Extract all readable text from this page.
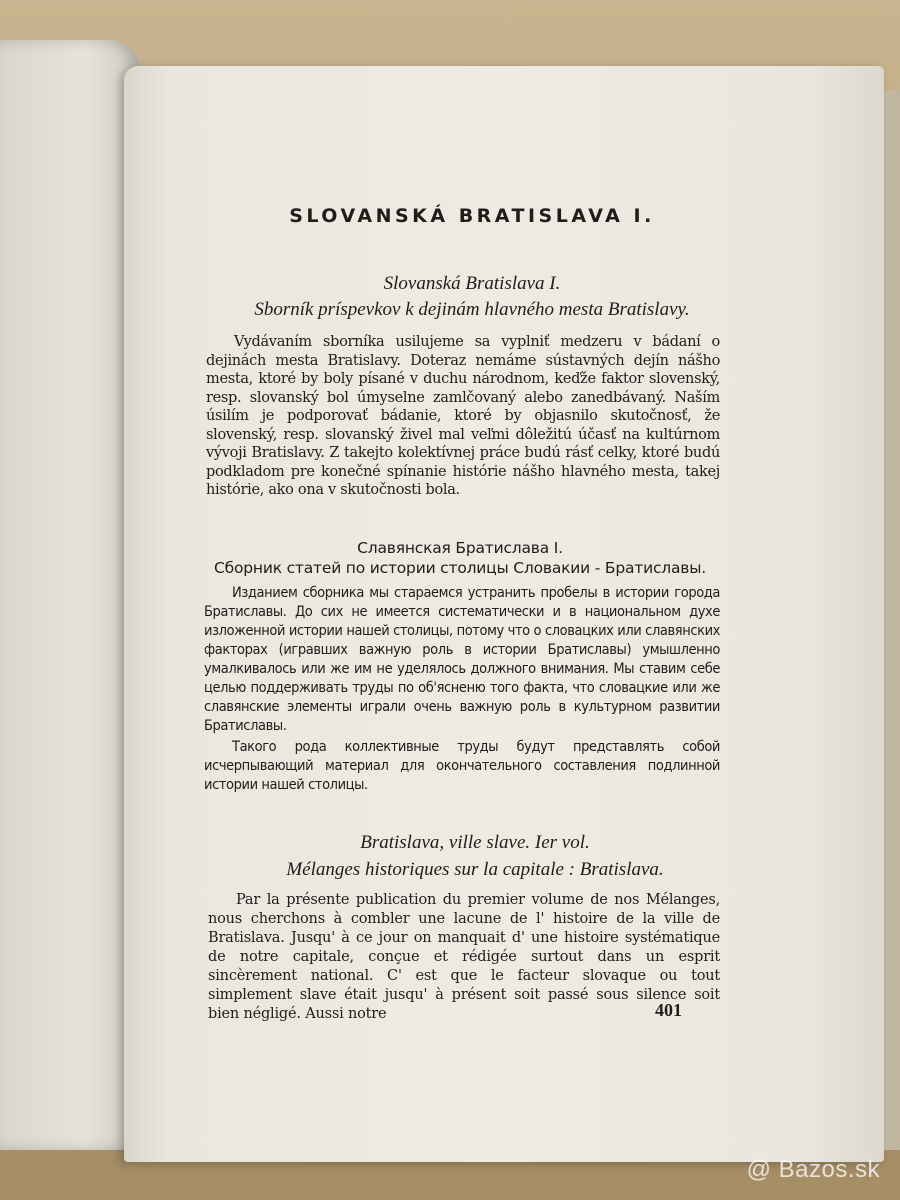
SLOVANSKÁ BRATISLAVA I.
Slovanská Bratislava I.
Sborník príspevkov k dejinám hlavného mesta Bratislavy.

Vydávaním sborníka usilujeme sa vyplniť medzeru v bádaní o dejinách mesta Bratislavy. Doteraz nemáme sústavných dejín nášho mesta, ktoré by boly písané v duchu národnom, keďže faktor slovenský, resp. slovanský bol úmyselne zamlčovaný alebo zanedbávaný. Naším úsilím je podporovať bádanie, ktoré by objasnilo skutočnosť, že slovenský, resp. slovanský živel mal veľmi dôležitú účasť na kultúrnom vývoji Bratislavy. Z takejto kolektívnej práce budú rásť celky, ktoré budú podkladom pre konečné spínanie histórie nášho hlavného mesta, takej histórie, ako ona v skutočnosti bola.

Славянская Братислава I.
Сборник статей по истории столицы Словакии - Братиславы.

Изданием сборника мы стараемся устранить пробелы в истории города Братиславы. До сих не имеется систематически и в национальном духе изложенной истории нашей столицы, потому что о словацких или славянских факторах (игравших важную роль в истории Братиславы) умышленно умалкивалось или же им не уделялось должного внимания. Мы ставим себе целью поддерживать труды по об'ясненю того факта, что словацкие или же славянские элементы играли очень важную роль в культурном развитии Братиславы.

Такого рода коллективные труды будут представлять собой исчерпывающий материал для окончательного составления подлинной истории нашей столицы.

Bratislava, ville slave. Ier vol.
Mélanges historiques sur la capitale : Bratislava.

Par la présente publication du premier volume de nos Mélanges, nous cherchons à combler une lacune de l' histoire de la ville de Bratislava. Jusqu' à ce jour on manquait d' une histoire systématique de notre capitale, conçue et rédigée surtout dans un esprit sincèrement national. C' est que le facteur slovaque ou tout simplement slave était jusqu' à présent soit passé sous silence soit bien négligé. Aussi notre	401
@ Bazos.sk
